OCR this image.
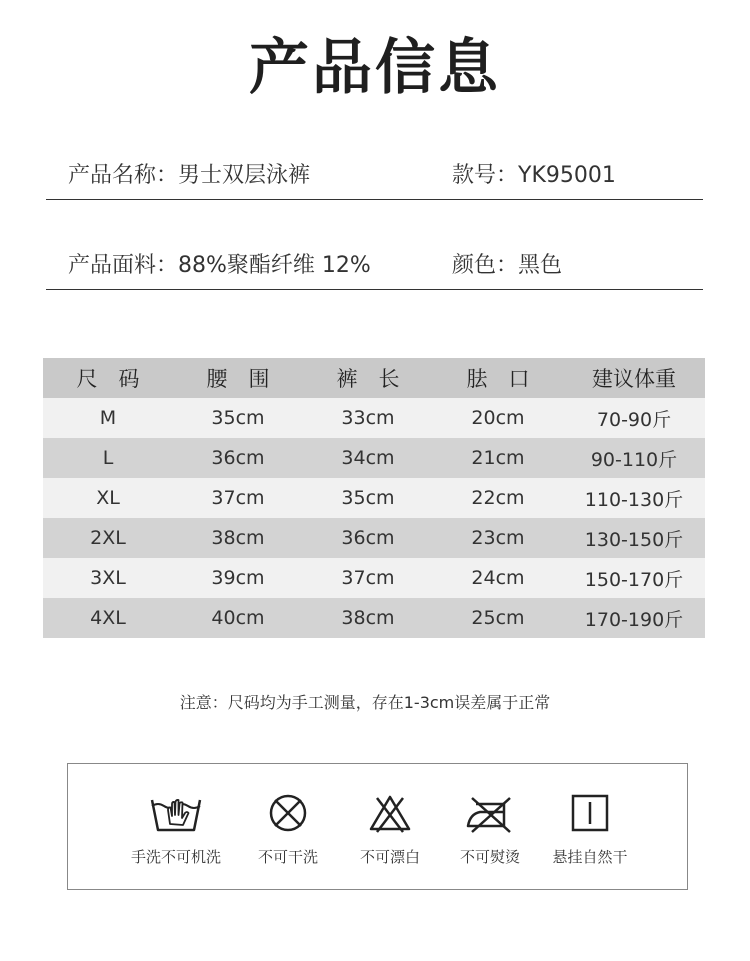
产品信息
产品名称：男士双层泳裤	款号：YK95001
产品面料：88%聚酯纤维 12%	颜色：黑色
尺　码	腰　围	裤　长	胠　口	建议体重
M	35cm	33cm	20cm	70-90斤
L	36cm	34cm	21cm	90-110斤
XL	37cm	35cm	22cm	110-130斤
2XL	38cm	36cm	23cm	130-150斤
3XL	39cm	37cm	24cm	150-170斤
4XL	40cm	38cm	25cm	170-190斤
注意：尺码均为手工测量，存在1-3cm误差属于正常
手洗不可机洗	不可干洗	不可漂白	不可熨烫	悬挂自然干
